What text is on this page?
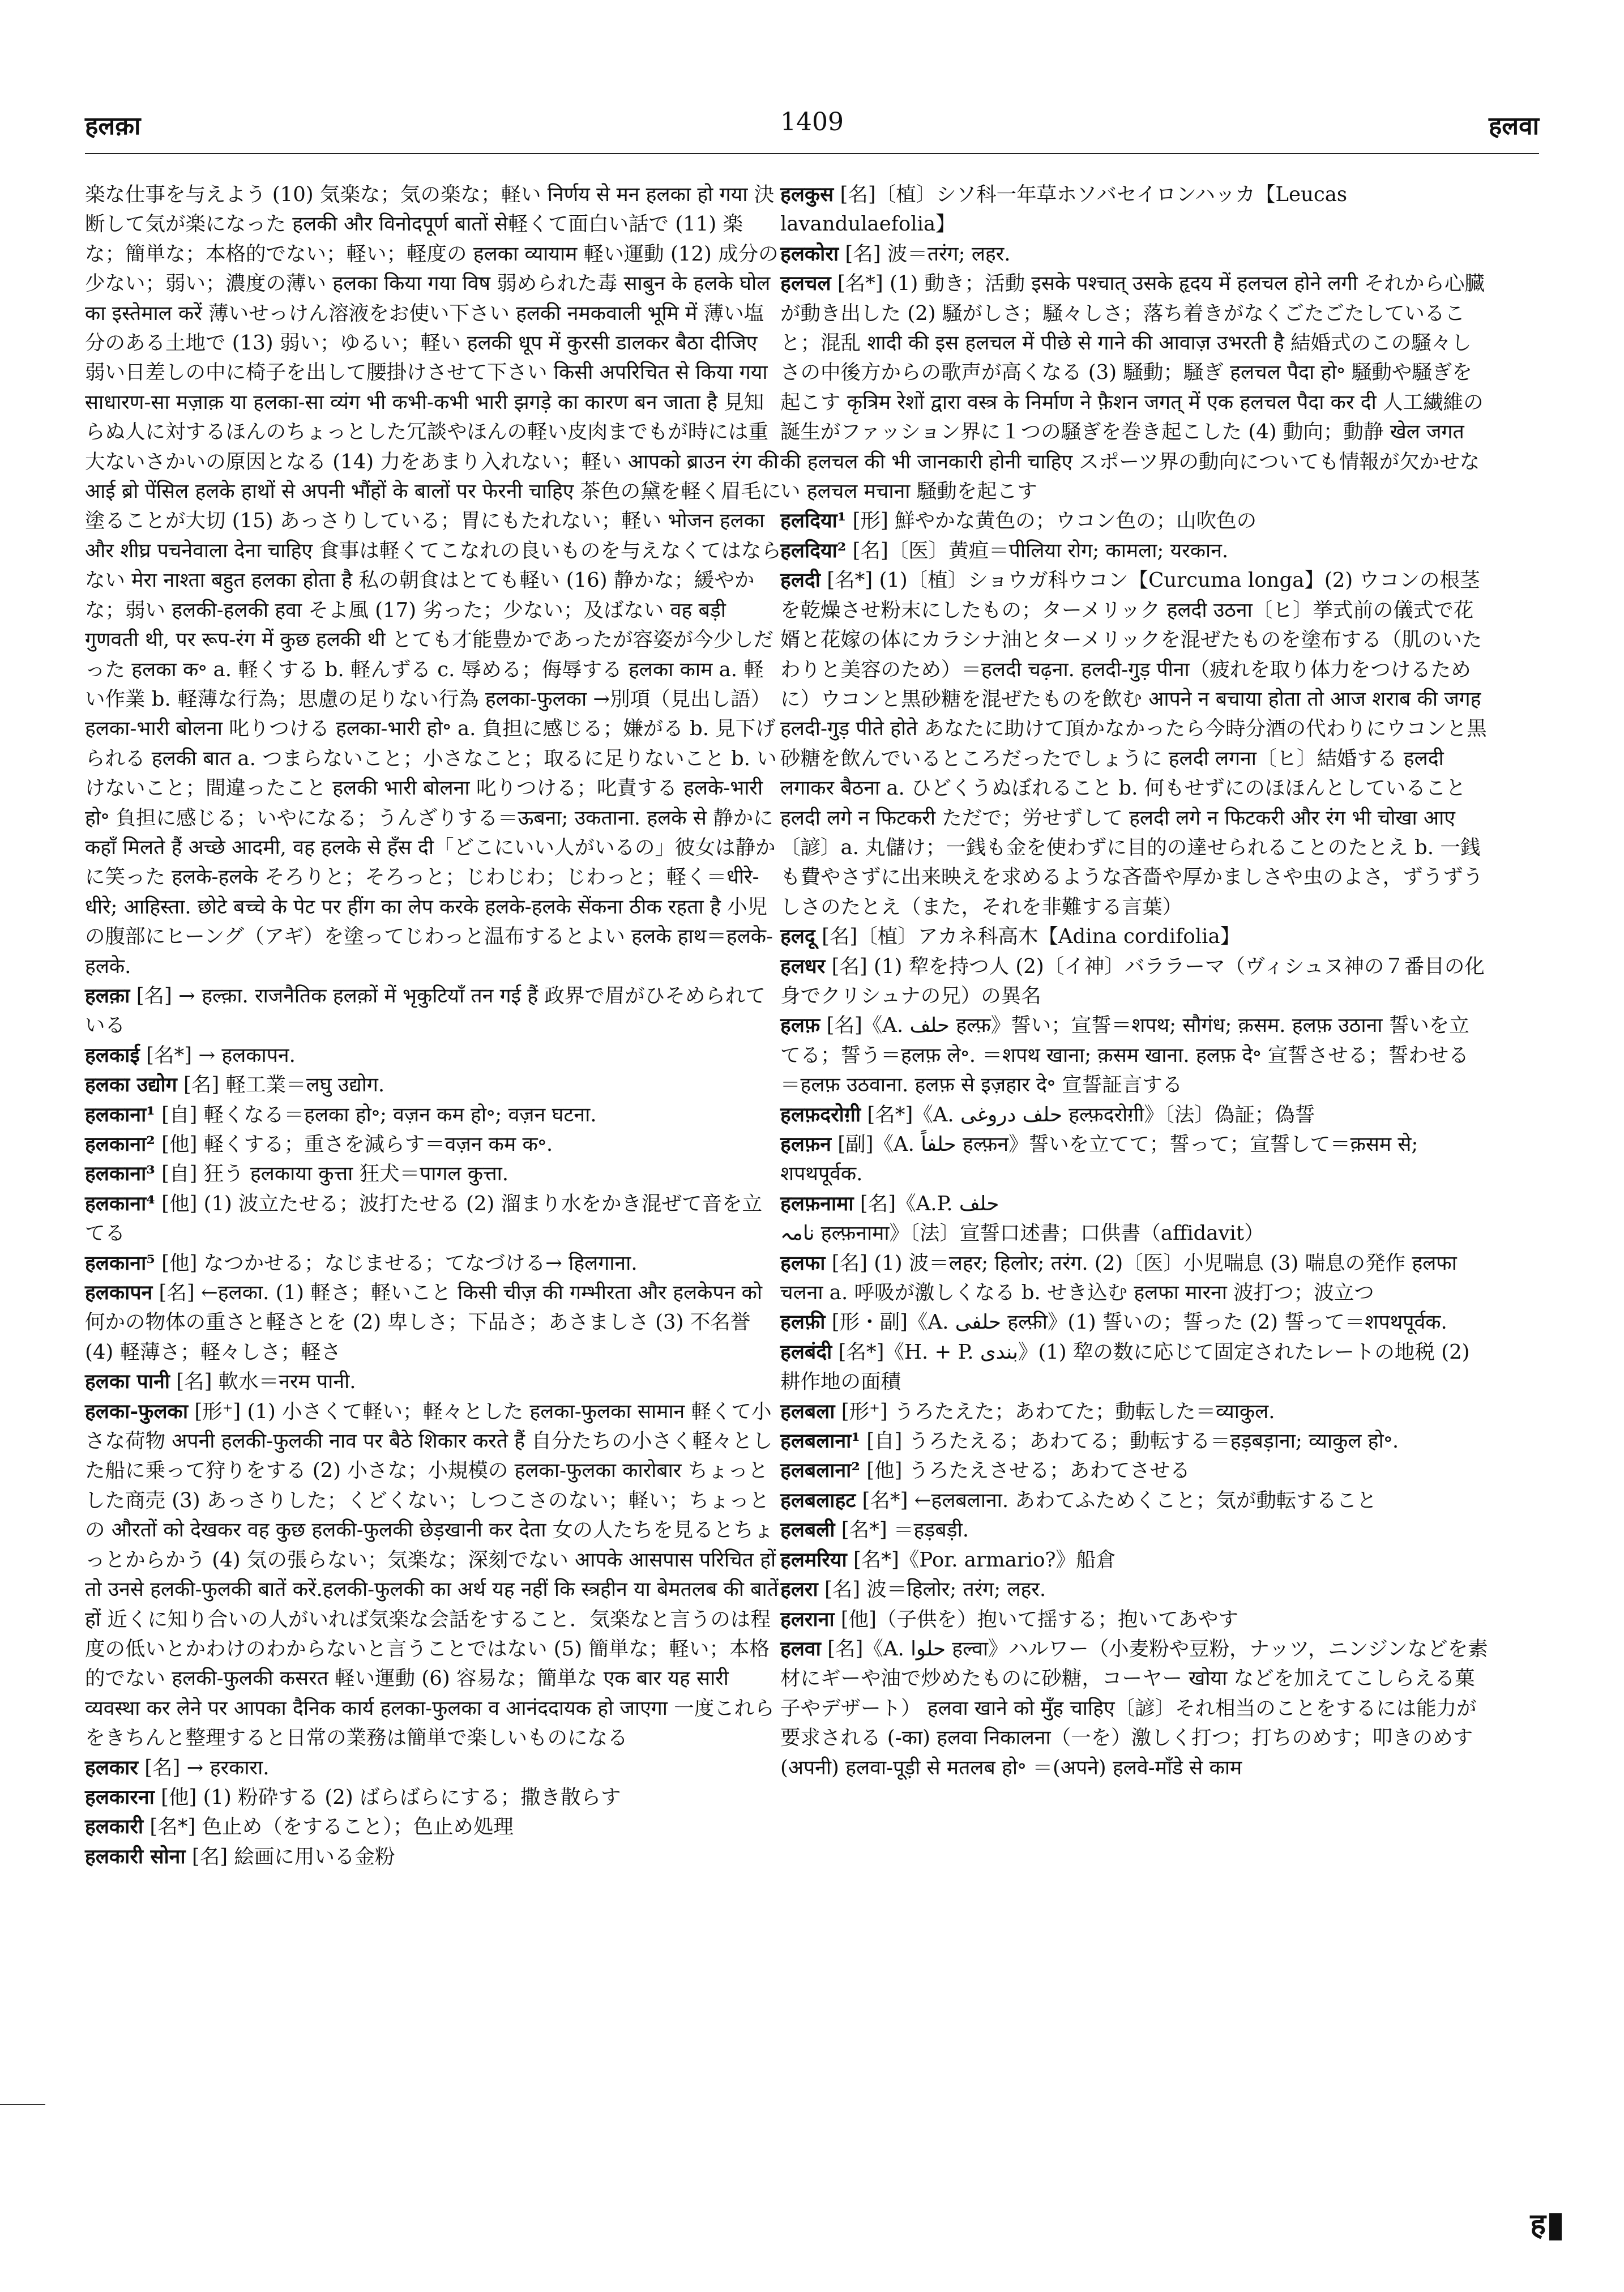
हलक़ा	1409	हलवा

楽な仕事を与えよう (10) 気楽な；気の楽な；軽い निर्णय से मन हलका हो गया 決断して気が楽になった हलकी और विनोदपूर्ण बातों से軽くて面白い話で (11) 楽な；簡単な；本格的でない；軽い；軽度の हलका व्यायाम 軽い運動 (12) 成分の少ない；弱い；濃度の薄い हलका किया गया विष 弱められた毒 साबुन के हलके घोल का इस्तेमाल करें 薄いせっけん溶液をお使い下さい हलकी नमकवाली भूमि में 薄い塩分のある土地で (13) 弱い；ゆるい；軽い हलकी धूप में कुरसी डालकर बैठा दीजिए 弱い日差しの中に椅子を出して腰掛けさせて下さい किसी अपरिचित से किया गया साधारण-सा मज़ाक़ या हलका-सा व्यंग भी कभी-कभी भारी झगड़े का कारण बन जाता है 見知らぬ人に対するほんのちょっとした冗談やほんの軽い皮肉までもが時には重大ないさかいの原因となる (14) 力をあまり入れない；軽い आपको ब्राउन रंग की आई ब्रो पेंसिल हलके हाथों से अपनी भौंहों के बालों पर फेरनी चाहिए 茶色の黛を軽く眉毛に塗ることが大切 (15) あっさりしている；胃にもたれない；軽い भोजन हलका और शीघ्र पचनेवाला देना चाहिए 食事は軽くてこなれの良いものを与えなくてはならない मेरा नाश्ता बहुत हलका होता है 私の朝食はとても軽い (16) 静かな；緩やかな；弱い हलकी-हलकी हवा そよ風 (17) 劣った；少ない；及ばない वह बड़ी गुणवती थी, पर रूप-रंग में कुछ हलकी थी とても才能豊かであったが容姿が今少しだった हलका क॰ a. 軽くする b. 軽んずる c. 辱める；侮辱する हलका काम a. 軽い作業 b. 軽薄な行為；思慮の足りない行為 हलका-फुलका →別項（見出し語） हलका-भारी बोलना 叱りつける हलका-भारी हो॰ a. 負担に感じる；嫌がる b. 見下げられる हलकी बात a. つまらないこと；小さなこと；取るに足りないこと b. いけないこと；間違ったこと हलकी भारी बोलना 叱りつける；叱責する हलके-भारी हो॰ 負担に感じる；いやになる；うんざりする＝ऊबना; उकताना. हलके से 静かに कहाँ मिलते हैं अच्छे आदमी, वह हलके से हँस दी「どこにいい人がいるの」彼女は静かに笑った हलके-हलके そろりと；そろっと；じわじわ；じわっと；軽く＝धीरे-धीरे; आहिस्ता. छोटे बच्चे के पेट पर हींग का लेप करके हलके-हलके सेंकना ठीक रहता है 小児の腹部にヒーング（アギ）を塗ってじわっと温布するとよい हलके हाथ＝हलके-हलके.

हलक़ा [名] → हल्क़ा. राजनैतिक हलक़ों में भृकुटियाँ तन गई हैं 政界で眉がひそめられている

हलकाई [名*] → हलकापन.

हलका उद्योग [名] 軽工業＝लघु उद्योग.

हलकाना¹ [自] 軽くなる＝हलका हो॰; वज़न कम हो॰; वज़न घटना.

हलकाना² [他] 軽くする；重さを減らす＝वज़न कम क॰.

हलकाना³ [自] 狂う हलकाया कुत्ता 狂犬＝पागल कुत्ता.

हलकाना⁴ [他] (1) 波立たせる；波打たせる (2) 溜まり水をかき混ぜて音を立てる

हलकाना⁵ [他] なつかせる；なじませる；てなづける→ हिलगाना.

हलकापन [名] ←हलका. (1) 軽さ；軽いこと किसी चीज़ की गम्भीरता और हलकेपन को 何かの物体の重さと軽さとを (2) 卑しさ；下品さ；あさましさ (3) 不名誉 (4) 軽薄さ；軽々しさ；軽さ

हलका पानी [名] 軟水＝नरम पानी.

हलका-फुलका [形⁺] (1) 小さくて軽い；軽々とした हलका-फुलका सामान 軽くて小さな荷物 अपनी हलकी-फुलकी नाव पर बैठे शिकार करते हैं 自分たちの小さく軽々とした船に乗って狩りをする (2) 小さな；小規模の हलका-फुलका कारोबार ちょっとした商売 (3) あっさりした；くどくない；しつこさのない；軽い；ちょっとの औरतों को देखकर वह कुछ हलकी-फुलकी छेड़खानी कर देता 女の人たちを見るとちょっとからかう (4) 気の張らない；気楽な；深刻でない आपके आसपास परिचित हों तो उनसे हलकी-फुलकी बातें करें.हलकी-फुलकी का अर्थ यह नहीं कि स्त्रहीन या बेमतलब की बातें हों 近くに知り合いの人がいれば気楽な会話をすること．気楽なと言うのは程度の低いとかわけのわからないと言うことではない (5) 簡単な；軽い；本格的でない हलकी-फुलकी कसरत 軽い運動 (6) 容易な；簡単な एक बार यह सारी व्यवस्था कर लेने पर आपका दैनिक कार्य हलका-फुलका व आनंददायक हो जाएगा 一度これらをきちんと整理すると日常の業務は簡単で楽しいものになる

हलकार [名] → हरकारा.

हलकारना [他] (1) 粉砕する (2) ばらばらにする；撒き散らす

हलकारी [名*] 色止め（をすること）；色止め処理

हलकारी सोना [名] 絵画に用いる金粉

हलकुस [名]〔植〕シソ科一年草ホソバセイロンハッカ【Leucas lavandulaefolia】

हलकोरा [名] 波＝तरंग; लहर.

हलचल [名*] (1) 動き；活動 इसके पश्चात् उसके हृदय में हलचल होने लगी それから心臓が動き出した (2) 騒がしさ；騒々しさ；落ち着きがなくごたごたしていること；混乱 शादी की इस हलचल में पीछे से गाने की आवाज़ उभरती है 結婚式のこの騒々しさの中後方からの歌声が高くなる (3) 騒動；騒ぎ हलचल पैदा हो॰ 騒動や騒ぎを起こす कृत्रिम रेशों द्वारा वस्त्र के निर्माण ने फ़ैशन जगत् में एक हलचल पैदा कर दी 人工繊維の誕生がファッション界に１つの騒ぎを巻き起こした (4) 動向；動静 खेल जगत की हलचल की भी जानकारी होनी चाहिए スポーツ界の動向についても情報が欠かせない हलचल मचाना 騒動を起こす

हलदिया¹ [形] 鮮やかな黄色の；ウコン色の；山吹色の

हलदिया² [名]〔医〕黄疸＝पीलिया रोग; कामला; यरकान.

हलदी [名*] (1)〔植〕ショウガ科ウコン【Curcuma longa】(2) ウコンの根茎を乾燥させ粉末にしたもの；ターメリック हलदी उठना〔ヒ〕挙式前の儀式で花婿と花嫁の体にカラシナ油とターメリックを混ぜたものを塗布する（肌のいたわりと美容のため）＝हलदी चढ़ना. हलदी-गुड़ पीना（疲れを取り体力をつけるために）ウコンと黒砂糖を混ぜたものを飲む आपने न बचाया होता तो आज शराब की जगह हलदी-गुड़ पीते होते あなたに助けて頂かなかったら今時分酒の代わりにウコンと黒砂糖を飲んでいるところだったでしょうに हलदी लगना〔ヒ〕結婚する हलदी लगाकर बैठना a. ひどくうぬぼれること b. 何もせずにのほほんとしていること हलदी लगे न फिटकरी ただで；労せずして हलदी लगे न फिटकरी और रंग भी चोखा आए〔諺〕a. 丸儲け；一銭も金を使わずに目的の達せられることのたとえ b. 一銭も費やさずに出来映えを求めるような吝嗇や厚かましさや虫のよさ，ずうずうしさのたとえ（また，それを非難する言葉）

हलदू [名]〔植〕アカネ科高木【Adina cordifolia】

हलधर [名] (1) 犂を持つ人 (2)〔イ神〕バララーマ（ヴィシュヌ神の７番目の化身でクリシュナの兄）の異名

हलफ़ [名]《A. حلف हल्फ़》誓い；宣誓＝शपथ; सौगंध; क़सम. हलफ़ उठाना 誓いを立てる；誓う＝हलफ़ ले॰. ＝शपथ खाना; क़सम खाना. हलफ़ दे॰ 宣誓させる；誓わせる＝हलफ़ उठवाना. हलफ़ से इज़हार दे॰ 宣誓証言する

हलफ़दरोग़ी [名*]《A. حلف دروغی हल्फ़दरोग़ी》〔法〕偽証；偽誓

हलफ़न [副]《A. حلفاً हल्फ़न》誓いを立てて；誓って；宣誓して＝क़सम से; शपथपूर्वक.

हलफ़नामा [名]《A.P. حلف نامہ हल्फ़नामा》〔法〕宣誓口述書；口供書（affidavit）

हलफा [名] (1) 波＝लहर; हिलोर; तरंग. (2)〔医〕小児喘息 (3) 喘息の発作 हलफा चलना a. 呼吸が激しくなる b. せき込む हलफा मारना 波打つ；波立つ

हलफ़ी [形・副]《A. حلفی हल्फ़ी》(1) 誓いの；誓った (2) 誓って＝शपथपूर्वक.

हलबंदी [名*]《H. + P. بندی》(1) 犂の数に応じて固定されたレートの地税 (2) 耕作地の面積

हलबला [形⁺] うろたえた；あわてた；動転した＝व्याकुल.

हलबलाना¹ [自] うろたえる；あわてる；動転する＝हड़बड़ाना; व्याकुल हो॰.

हलबलाना² [他] うろたえさせる；あわてさせる

हलबलाहट [名*] ←हलबलाना. あわてふためくこと；気が動転すること

हलबली [名*] ＝हड़बड़ी.

हलमरिया [名*]《Por. armario?》船倉

हलरा [名] 波＝हिलोर; तरंग; लहर.

हलराना [他]（子供を）抱いて揺する；抱いてあやす

हलवा [名]《A. حلوا हल्वा》ハルワー（小麦粉や豆粉，ナッツ，ニンジンなどを素材にギーや油で炒めたものに砂糖，コーヤー खोया などを加えてこしらえる菓子やデザート） हलवा खाने को मुँह चाहिए〔諺〕それ相当のことをするには能力が要求される (-का) हलवा निकालना（一を）激しく打つ；打ちのめす；叩きのめす (अपनी) हलवा-पूड़ी से मतलब हो॰ ＝(अपने) हलवे-माँडे से काम

ह
